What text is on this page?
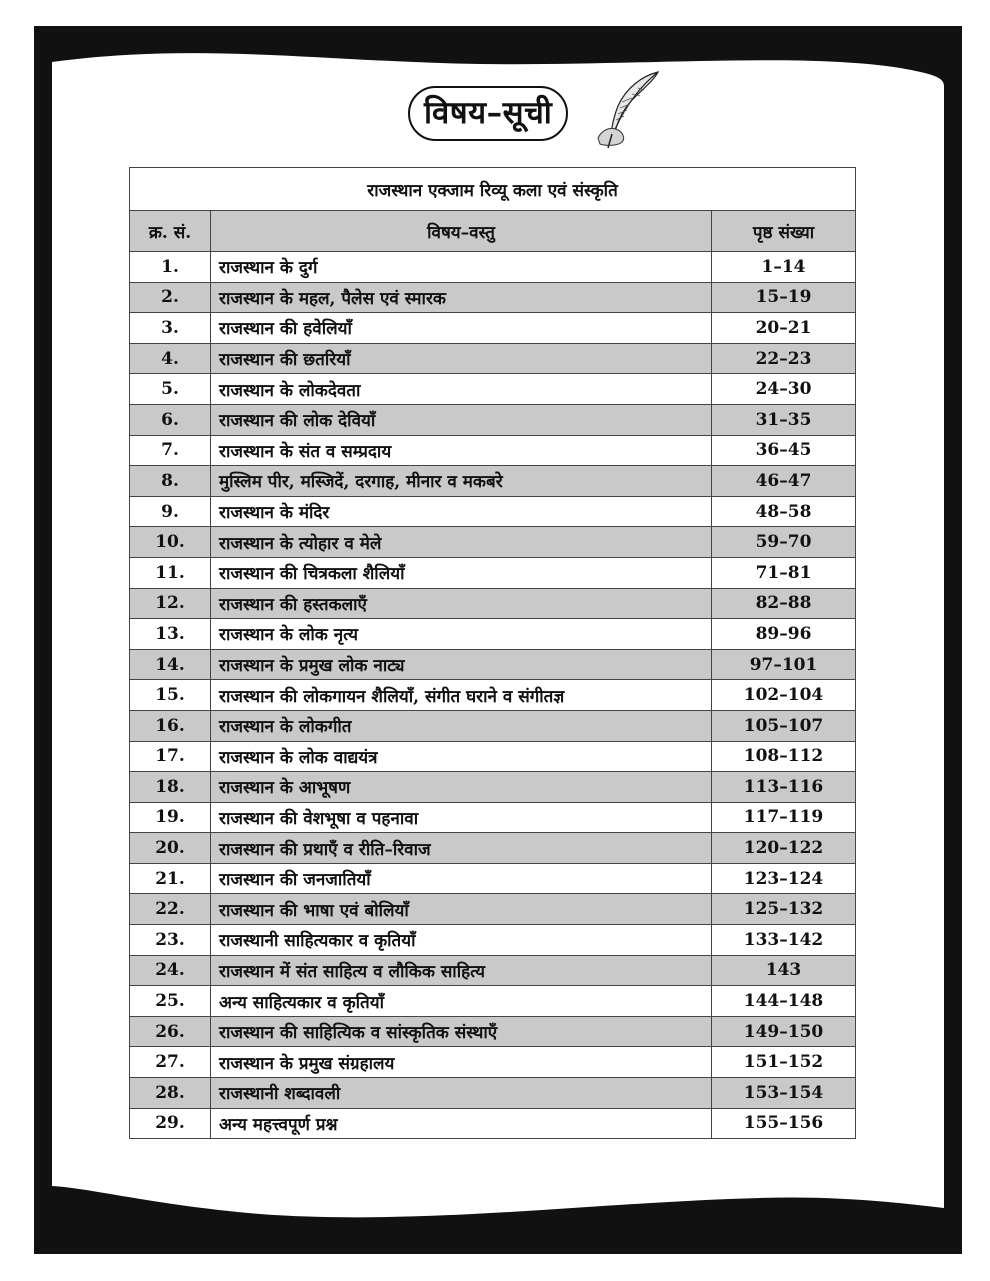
विषय–सूची
राजस्थान एक्जाम रिव्यू कला एवं संस्कृति		
क्र. सं.	विषय–वस्तु	पृष्ठ संख्या
1.	राजस्थान के दुर्ग	1–14
2.	राजस्थान के महल, पैलेस एवं स्मारक	15–19
3.	राजस्थान की हवेलियाँ	20–21
4.	राजस्थान की छतरियाँ	22–23
5.	राजस्थान के लोकदेवता	24–30
6.	राजस्थान की लोक देवियाँ	31–35
7.	राजस्थान के संत व सम्प्रदाय	36–45
8.	मुस्लिम पीर, मस्जिदें, दरगाह, मीनार व मकबरे	46–47
9.	राजस्थान के मंदिर	48–58
10.	राजस्थान के त्योहार व मेले	59–70
11.	राजस्थान की चित्रकला शैलियाँ	71–81
12.	राजस्थान की हस्तकलाएँ	82–88
13.	राजस्थान के लोक नृत्य	89–96
14.	राजस्थान के प्रमुख लोक नाट्य	97–101
15.	राजस्थान की लोकगायन शैलियाँ, संगीत घराने व संगीतज्ञ	102–104
16.	राजस्थान के लोकगीत	105–107
17.	राजस्थान के लोक वाद्ययंत्र	108–112
18.	राजस्थान के आभूषण	113–116
19.	राजस्थान की वेशभूषा व पहनावा	117–119
20.	राजस्थान की प्रथाएँ व रीति–रिवाज	120–122
21.	राजस्थान की जनजातियाँ	123–124
22.	राजस्थान की भाषा एवं बोलियाँ	125–132
23.	राजस्थानी साहित्यकार व कृतियाँ	133–142
24.	राजस्थान में संत साहित्य व लौकिक साहित्य	143
25.	अन्य साहित्यकार व कृतियाँ	144–148
26.	राजस्थान की साहित्यिक व सांस्कृतिक संस्थाएँ	149–150
27.	राजस्थान के प्रमुख संग्रहालय	151–152
28.	राजस्थानी शब्दावली	153–154
29.	अन्य महत्त्वपूर्ण प्रश्न	155–156
